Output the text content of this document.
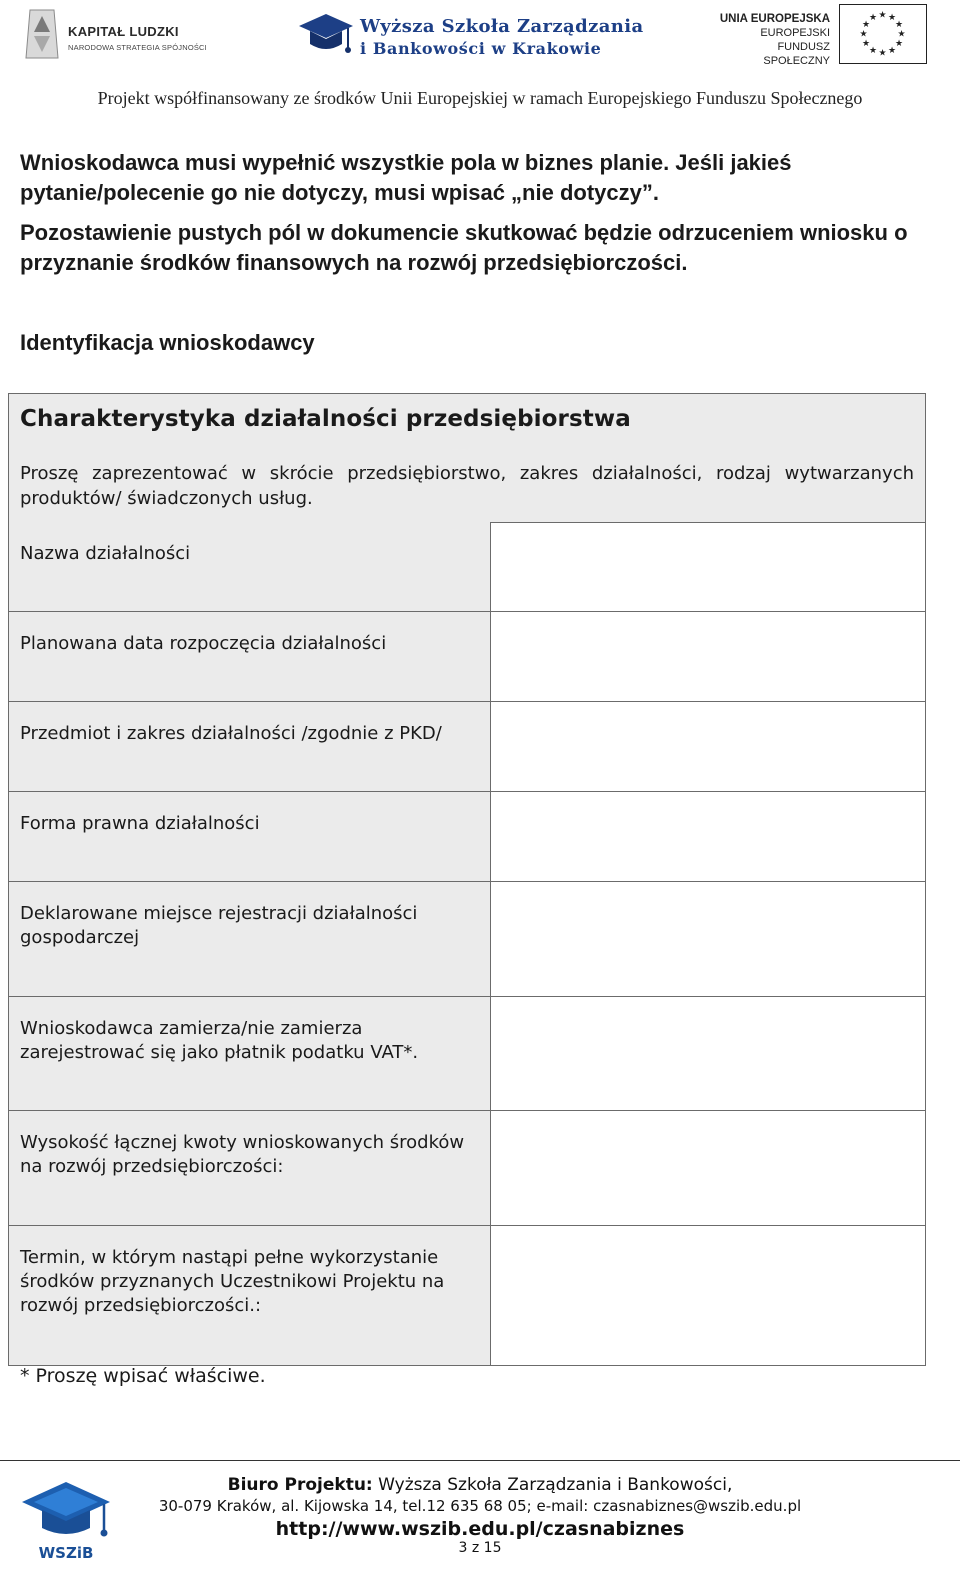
KAPITAŁ LUDZKI
NARODOWA STRATEGIA SPÓJNOŚCI
Wyższa Szkoła Zarządzania
i Bankowości w Krakowie
UNIA EUROPEJSKA
EUROPEJSKI
FUNDUSZ SPOŁECZNY
★ ★
★
★
★
★
★
★
★
★
★
★
Projekt współfinansowany ze środków Unii Europejskiej w ramach Europejskiego Funduszu Społecznego
Wnioskodawca musi wypełnić wszystkie pola w biznes planie. Jeśli jakieś pytanie/polecenie go nie dotyczy, musi wpisać „nie dotyczy”.
Pozostawienie pustych pól w dokumencie skutkować będzie odrzuceniem wniosku o przyznanie środków finansowych na rozwój przedsiębiorczości.
Identyfikacja wnioskodawcy
Charakterystyka działalności przedsiębiorstwa

Proszę zaprezentować w skrócie przedsiębiorstwo, zakres działalności, rodzaj wytwarzanych produktów/ świadczonych usług.

Nazwa działalności
Planowana data rozpoczęcia działalności
Przedmiot i zakres działalności /zgodnie z PKD/
Forma prawna działalności
Deklarowane miejsce rejestracji działalności gospodarczej
Wnioskodawca zamierza/nie zamierza zarejestrować się jako płatnik podatku VAT*.
Wysokość łącznej kwoty wnioskowanych środków na rozwój przedsiębiorczości:
Termin, w którym nastąpi pełne wykorzystanie środków przyznanych Uczestnikowi Projektu na rozwój przedsiębiorczości.:
* Proszę wpisać właściwe.
WSZiB
Biuro Projektu: Wyższa Szkoła Zarządzania i Bankowości,
30-079 Kraków, al. Kijowska 14, tel.12 635 68 05; e-mail: czasnabiznes@wszib.edu.pl
http://www.wszib.edu.pl/czasnabiznes
3 z 15
